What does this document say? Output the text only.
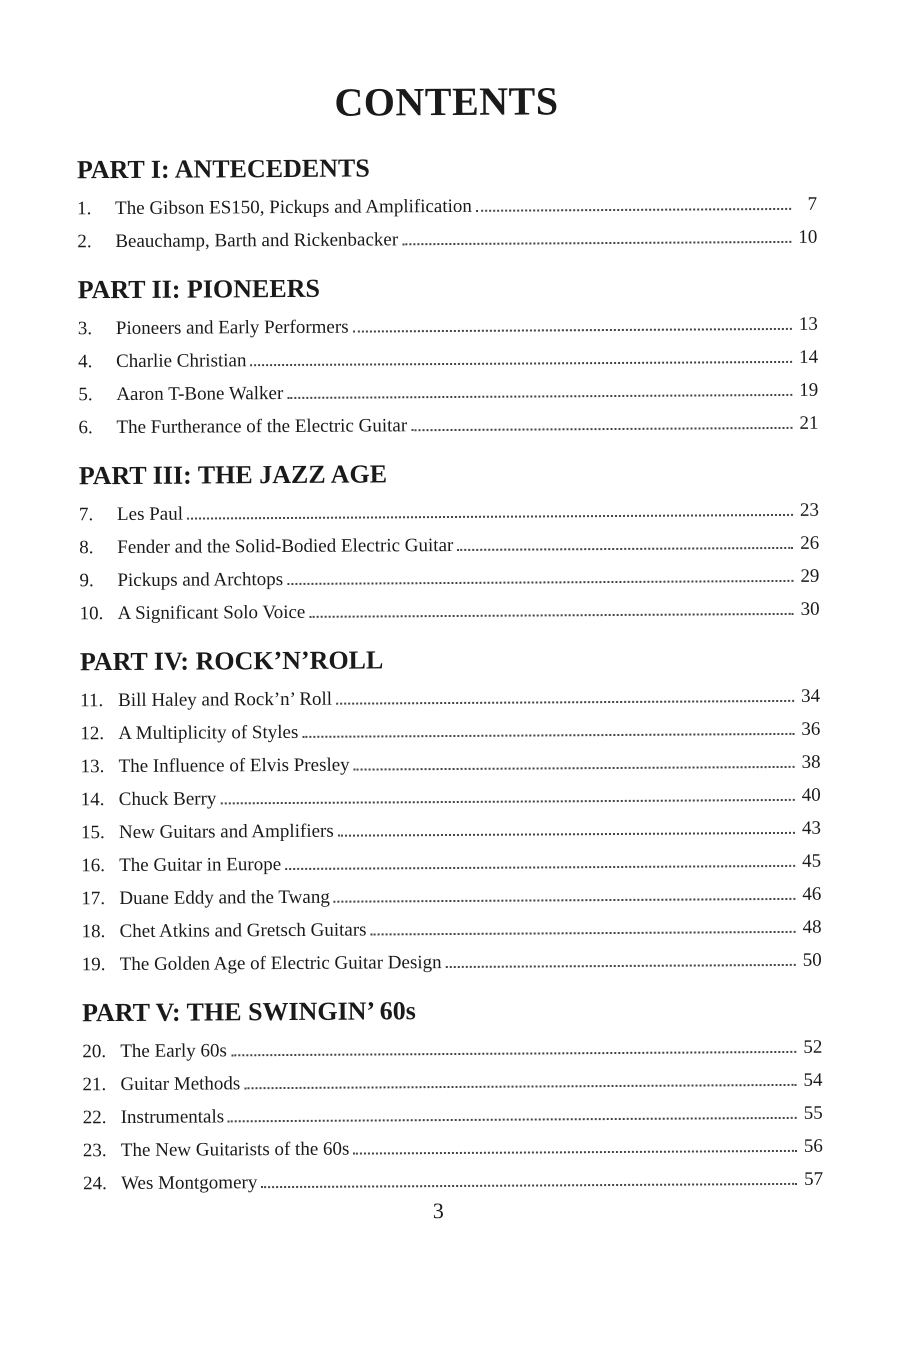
CONTENTS
PART I: ANTECEDENTS
1.	The Gibson ES150, Pickups and Amplification	7
2.	Beauchamp, Barth and Rickenbacker	10
PART II: PIONEERS
3.	Pioneers and Early Performers	13
4.	Charlie Christian	14
5.	Aaron T-Bone Walker	19
6.	The Furtherance of the Electric Guitar	21
PART III: THE JAZZ AGE
7.	Les Paul	23
8.	Fender and the Solid-Bodied Electric Guitar	26
9.	Pickups and Archtops	29
10. A Significant Solo Voice	30
PART IV: ROCK’N’ROLL
11. Bill Haley and Rock’n’ Roll	34
12. A Multiplicity of Styles	36
13. The Influence of Elvis Presley	38
14. Chuck Berry	40
15. New Guitars and Amplifiers	43
16. The Guitar in Europe	45
17. Duane Eddy and the Twang	46
18. Chet Atkins and Gretsch Guitars	48
19. The Golden Age of Electric Guitar Design	50
PART V: THE SWINGIN’ 60s
20. The Early 60s	52
21. Guitar Methods	54
22. Instrumentals	55
23. The New Guitarists of the 60s	56
24. Wes Montgomery	57
3
